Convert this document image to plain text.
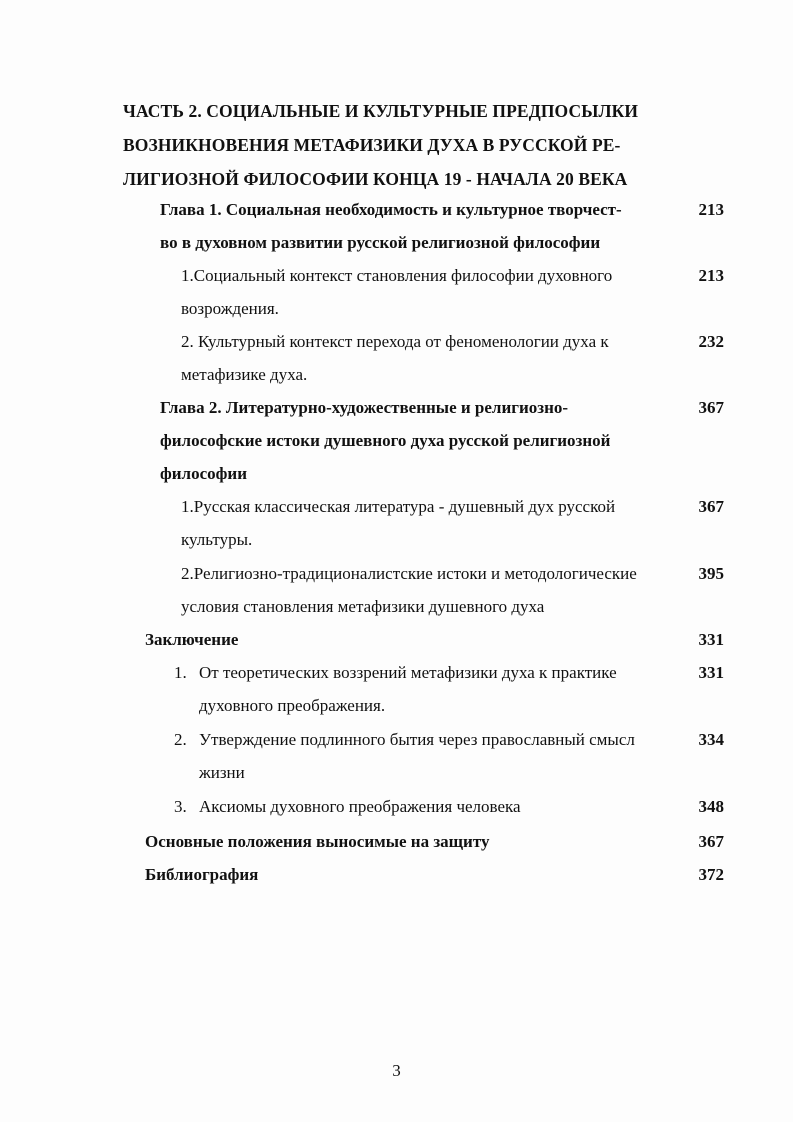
ЧАСТЬ 2. СОЦИАЛЬНЫЕ И КУЛЬТУРНЫЕ ПРЕДПОСЫЛКИ
ВОЗНИКНОВЕНИЯ МЕТАФИЗИКИ ДУХА В РУССКОЙ РЕ-
ЛИГИОЗНОЙ ФИЛОСОФИИ КОНЦА 19 - НАЧАЛА 20 ВЕКА
Глава 1. Социальная необходимость и культурное творчест-
во в духовном развитии русской религиозной философии
213
1.Социальный контекст становления философии духовного
возрождения.
213
2. Культурный контекст перехода от феноменологии духа к
метафизике духа.
232
Глава 2. Литературно-художественные и религиозно-
философские истоки душевного духа русской религиозной
философии
367
1.Русская классическая литература - душевный дух русской
культуры.
367
2.Религиозно-традиционалистские истоки и методологические
условия становления метафизики душевного духа
395
Заключение	331
1. От теоретических воззрений метафизики духа к практике
духовного преображения.
331
2. Утверждение подлинного бытия через православный смысл
жизни
334
3. Аксиомы духовного преображения человека	348
Основные положения выносимые на защиту	367
Библиография	372
3
